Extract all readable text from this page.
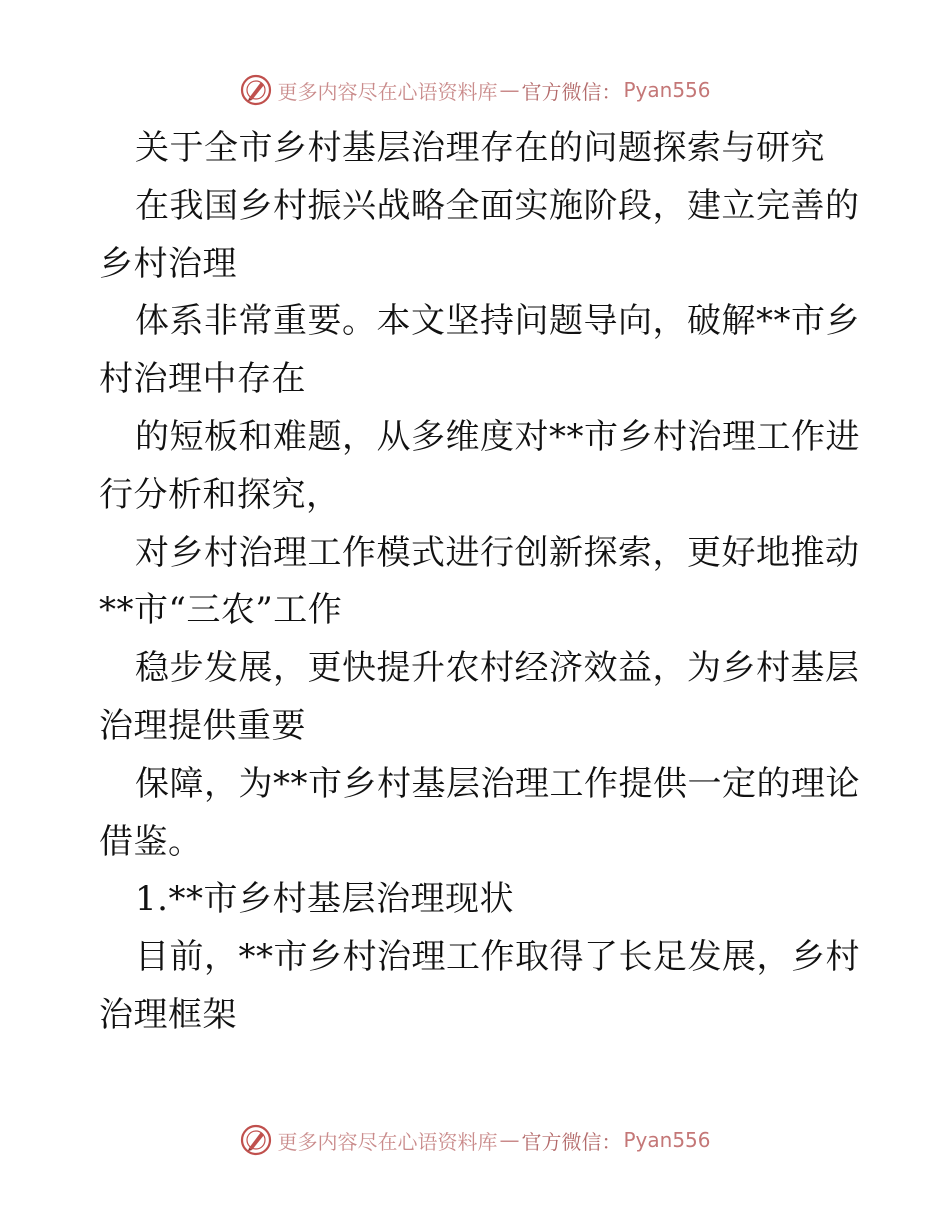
更多内容尽在心语资料库 — 官方微信： Pyan556
关于全市乡村基层治理存在的问题探索与研究
在我国乡村振兴战略全面实施阶段，建立完善的
乡村治理
体系非常重要。本文坚持问题导向，破解**市乡
村治理中存在
的短板和难题，从多维度对**市乡村治理工作进
行分析和探究，
对乡村治理工作模式进行创新探索，更好地推动
**市“三农”工作
稳步发展，更快提升农村经济效益，为乡村基层
治理提供重要
保障，为**市乡村基层治理工作提供一定的理论
借鉴。
1.**市乡村基层治理现状
目前，**市乡村治理工作取得了长足发展，乡村
治理框架
更多内容尽在心语资料库 — 官方微信： Pyan556
